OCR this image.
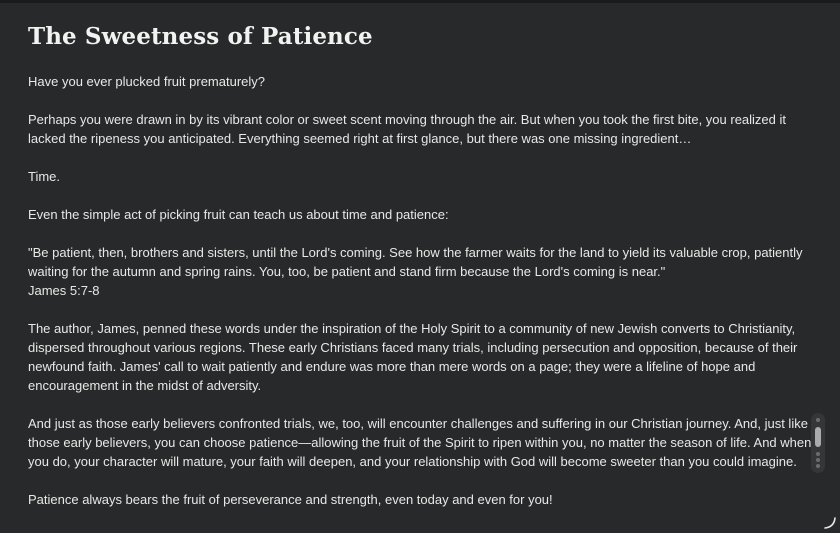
The Sweetness of Patience

Have you ever plucked fruit prematurely?

Perhaps you were drawn in by its vibrant color or sweet scent moving through the air. But when you took the first bite, you realized it lacked the ripeness you anticipated. Everything seemed right at first glance, but there was one missing ingredient…

Time.

Even the simple act of picking fruit can teach us about time and patience:

"Be patient, then, brothers and sisters, until the Lord's coming. See how the farmer waits for the land to yield its valuable crop, patiently waiting for the autumn and spring rains. You, too, be patient and stand firm because the Lord's coming is near."
James 5:7-8

The author, James, penned these words under the inspiration of the Holy Spirit to a community of new Jewish converts to Christianity, dispersed throughout various regions. These early Christians faced many trials, including persecution and opposition, because of their newfound faith. James' call to wait patiently and endure was more than mere words on a page; they were a lifeline of hope and encouragement in the midst of adversity.

And just as those early believers confronted trials, we, too, will encounter challenges and suffering in our Christian journey. And, just like those early believers, you can choose patience—allowing the fruit of the Spirit to ripen within you, no matter the season of life. And when you do, your character will mature, your faith will deepen, and your relationship with God will become sweeter than you could imagine.

Patience always bears the fruit of perseverance and strength, even today and even for you!
